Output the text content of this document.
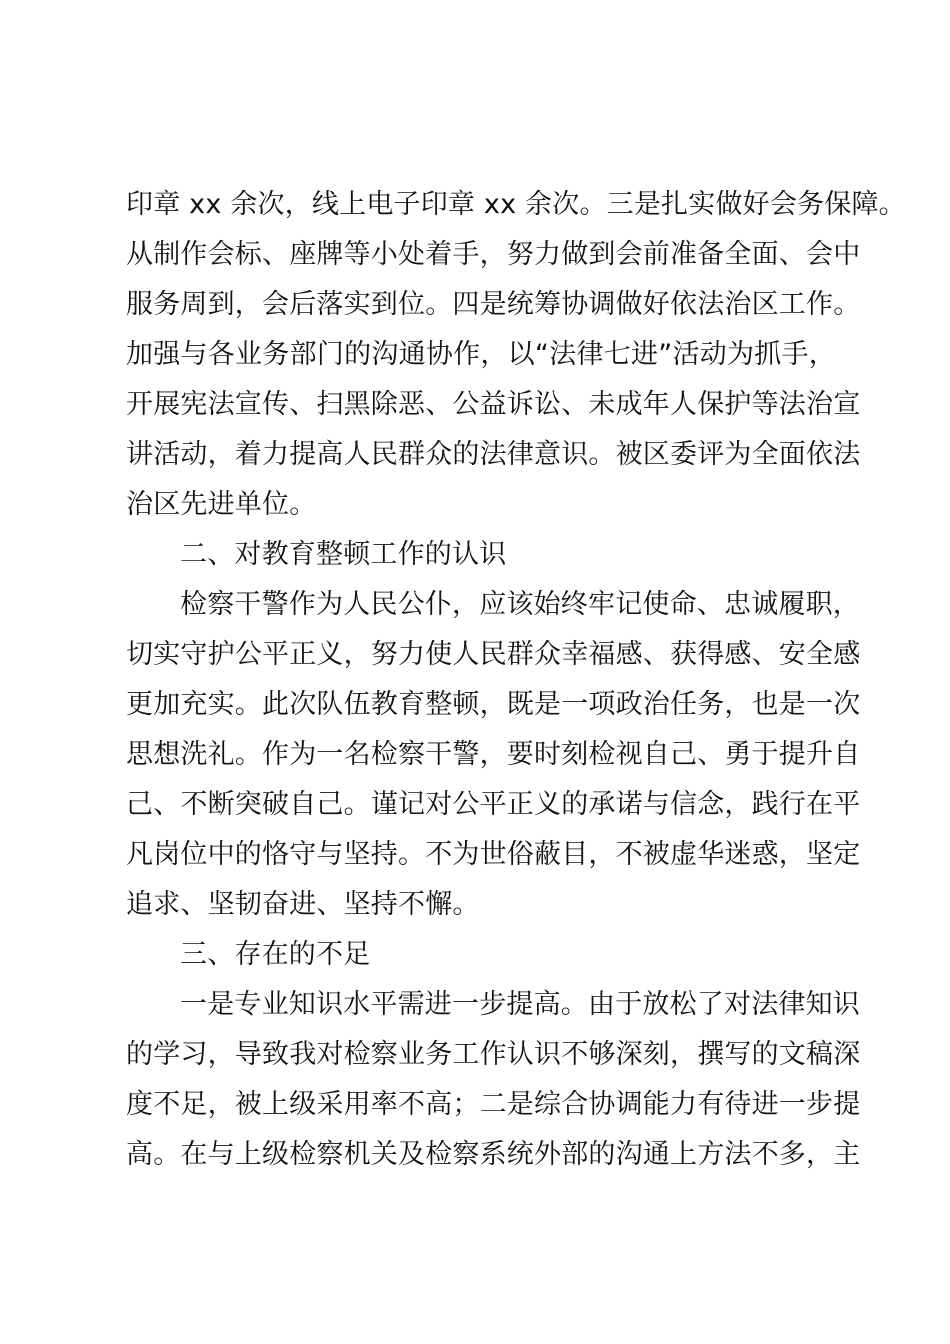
印章 xx 余次，线上电子印章 xx 余次。三是扎实做好会务保障。
从制作会标、座牌等小处着手，努力做到会前准备全面、会中
服务周到，会后落实到位。四是统筹协调做好依法治区工作。
加强与各业务部门的沟通协作，以“法律七进”活动为抓手，
开展宪法宣传、扫黑除恶、公益诉讼、未成年人保护等法治宣
讲活动，着力提高人民群众的法律意识。被区委评为全面依法
治区先进单位。
二、对教育整顿工作的认识
检察干警作为人民公仆，应该始终牢记使命、忠诚履职，
切实守护公平正义，努力使人民群众幸福感、获得感、安全感
更加充实。此次队伍教育整顿，既是一项政治任务，也是一次
思想洗礼。作为一名检察干警，要时刻检视自己、勇于提升自
己、不断突破自己。谨记对公平正义的承诺与信念，践行在平
凡岗位中的恪守与坚持。不为世俗蔽目，不被虚华迷惑，坚定
追求、坚韧奋进、坚持不懈。
三、存在的不足
一是专业知识水平需进一步提高。由于放松了对法律知识
的学习，导致我对检察业务工作认识不够深刻，撰写的文稿深
度不足，被上级采用率不高；二是综合协调能力有待进一步提
高。在与上级检察机关及检察系统外部的沟通上方法不多，主
